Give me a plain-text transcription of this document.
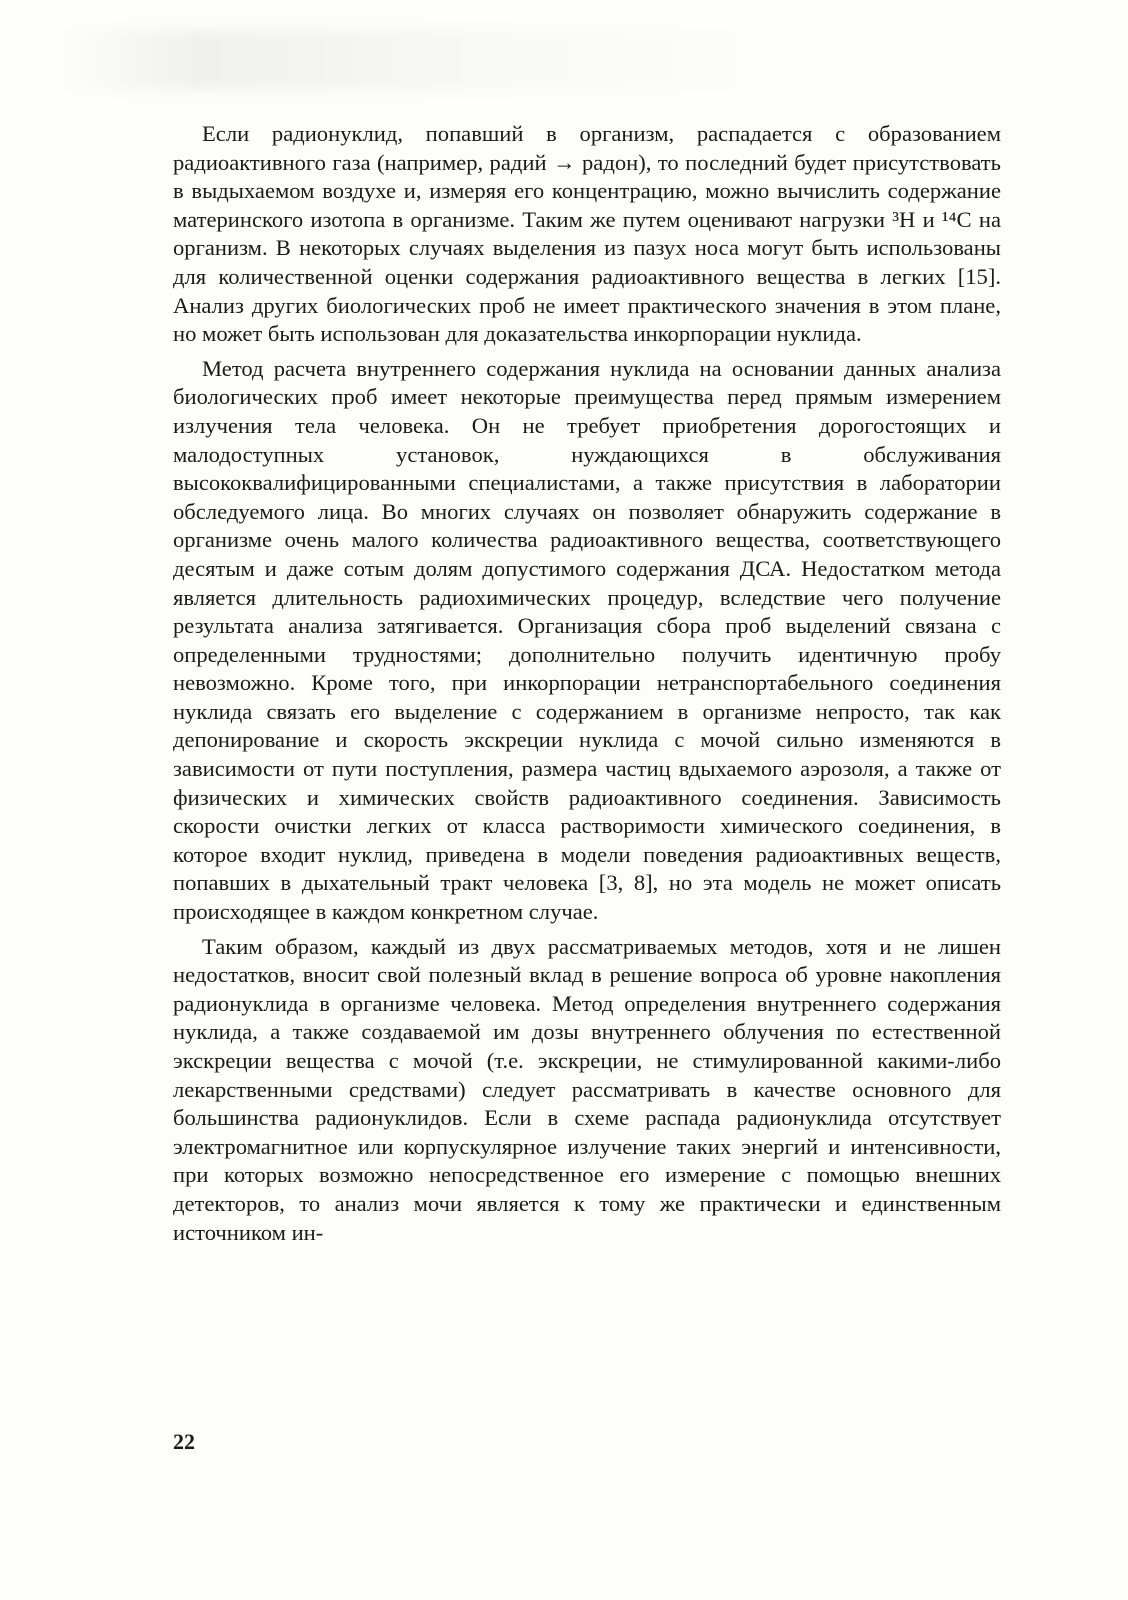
Если радионуклид, попавший в организм, распадается с образованием радиоактивного газа (например, радий → радон), то последний будет присутствовать в выдыхаемом воздухе и, измеряя его концентрацию, можно вычислить содержание материнского изотопа в организме. Таким же путем оценивают нагрузки ³H и ¹⁴C на организм. В некоторых случаях выделения из пазух носа могут быть использованы для количественной оценки содержания радиоактивного вещества в легких [15]. Анализ других биологических проб не имеет практического значения в этом плане, но может быть использован для доказательства инкорпорации нуклида.

Метод расчета внутреннего содержания нуклида на основании данных анализа биологических проб имеет некоторые преимущества перед прямым измерением излучения тела человека. Он не требует приобретения дорогостоящих и малодоступных установок, нуждающихся в обслуживания высококвалифицированными специалистами, а также присутствия в лаборатории обследуемого лица. Во многих случаях он позволяет обнаружить содержание в организме очень малого количества радиоактивного вещества, соответствующего десятым и даже сотым долям допустимого содержания ДСА. Недостатком метода является длительность радиохимических процедур, вследствие чего получение результата анализа затягивается. Организация сбора проб выделений связана с определенными трудностями; дополнительно получить идентичную пробу невозможно. Кроме того, при инкорпорации нетранспортабельного соединения нуклида связать его выделение с содержанием в организме непросто, так как депонирование и скорость экскреции нуклида с мочой сильно изменяются в зависимости от пути поступления, размера частиц вдыхаемого аэрозоля, а также от физических и химических свойств радиоактивного соединения. Зависимость скорости очистки легких от класса растворимости химического соединения, в которое входит нуклид, приведена в модели поведения радиоактивных веществ, попавших в дыхательный тракт человека [3, 8], но эта модель не может описать происходящее в каждом конкретном случае.

Таким образом, каждый из двух рассматриваемых методов, хотя и не лишен недостатков, вносит свой полезный вклад в решение вопроса об уровне накопления радионуклида в организме человека. Метод определения внутреннего содержания нуклида, а также создаваемой им дозы внутреннего облучения по естественной экскреции вещества с мочой (т.е. экскреции, не стимулированной какими-либо лекарственными средствами) следует рассматривать в качестве основного для большинства радионуклидов. Если в схеме распада радионуклида отсутствует электромагнитное или корпускулярное излучение таких энергий и интенсивности, при которых возможно непосредственное его измерение с помощью внешних детекторов, то анализ мочи является к тому же практически и единственным источником ин-

22
